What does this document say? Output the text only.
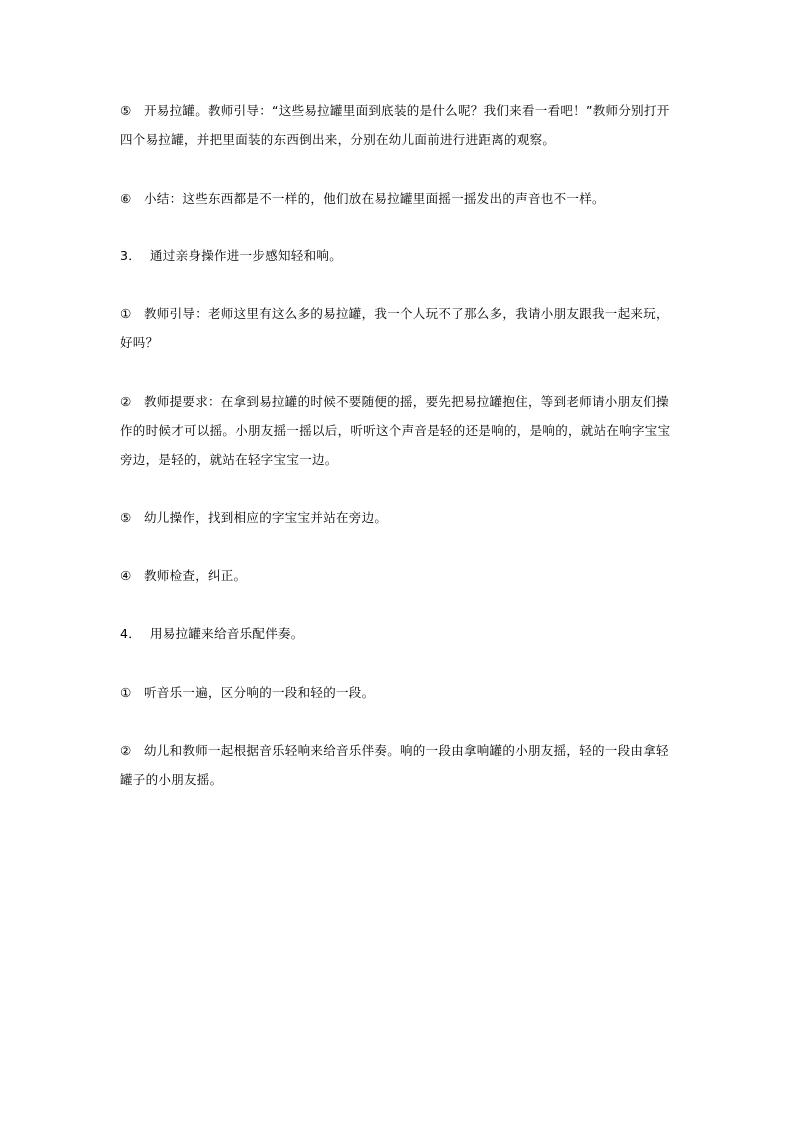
⑤ 开易拉罐。教师引导：“这些易拉罐里面到底装的是什么呢？我们来看一看吧！”教师分别打开四个易拉罐，并把里面装的东西倒出来，分别在幼儿面前进行进距离的观察。
⑥ 小结：这些东西都是不一样的，他们放在易拉罐里面摇一摇发出的声音也不一样。
3． 通过亲身操作进一步感知轻和响。
① 教师引导：老师这里有这么多的易拉罐，我一个人玩不了那么多，我请小朋友跟我一起来玩，好吗？
② 教师提要求：在拿到易拉罐的时候不要随便的摇，要先把易拉罐抱住，等到老师请小朋友们操作的时候才可以摇。小朋友摇一摇以后，听听这个声音是轻的还是响的，是响的，就站在响字宝宝旁边，是轻的，就站在轻字宝宝一边。
⑤ 幼儿操作，找到相应的字宝宝并站在旁边。
④ 教师检查，纠正。
4． 用易拉罐来给音乐配伴奏。
① 听音乐一遍，区分响的一段和轻的一段。
② 幼儿和教师一起根据音乐轻响来给音乐伴奏。响的一段由拿响罐的小朋友摇，轻的一段由拿轻罐子的小朋友摇。
